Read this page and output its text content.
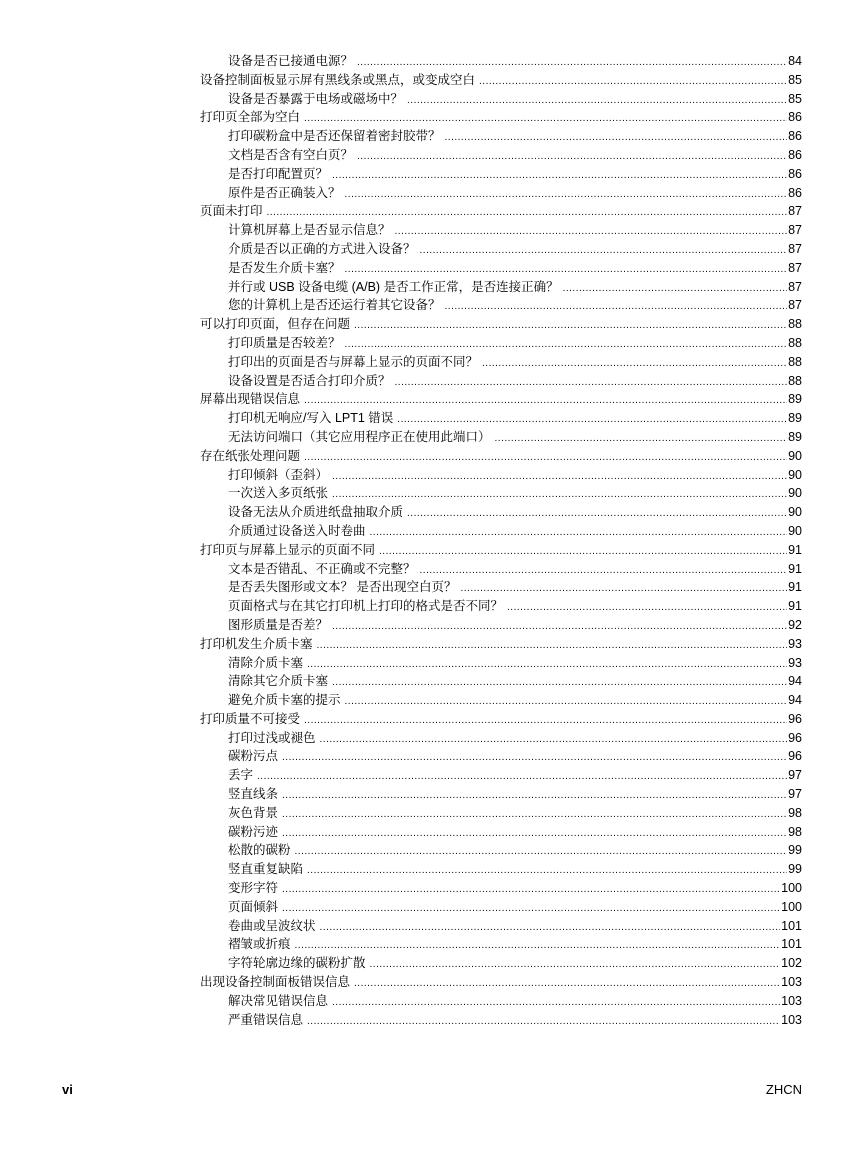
设备是否已接通电源？ .....	84
设备控制面板显示屏有黑线条或黑点，或变成空白 .....	85
设备是否暴露于电场或磁场中？ .....	85
打印页全部为空白 .....	86
打印碳粉盒中是否还保留着密封胶带？ .....	86
文档是否含有空白页？ .....	86
是否打印配置页？ .....	86
原件是否正确装入？ .....	86
页面未打印 .....	87
计算机屏幕上是否显示信息？ .....	87
介质是否以正确的方式进入设备？ .....	87
是否发生介质卡塞？ .....	87
并行或 USB 设备电缆 (A/B) 是否工作正常，是否连接正确？ .....	87
您的计算机上是否还运行着其它设备？ .....	87
可以打印页面，但存在问题 .....	88
打印质量是否较差？ .....	88
打印出的页面是否与屏幕上显示的页面不同？ .....	88
设备设置是否适合打印介质？ .....	88
屏幕出现错误信息 .....	89
打印机无响应/写入 LPT1 错误 .....	89
无法访问端口（其它应用程序正在使用此端口） .....	89
存在纸张处理问题 .....	90
打印倾斜（歪斜） .....	90
一次送入多页纸张 .....	90
设备无法从介质进纸盘抽取介质 .....	90
介质通过设备送入时卷曲 .....	90
打印页与屏幕上显示的页面不同 .....	91
文本是否错乱、不正确或不完整？ .....	91
是否丢失图形或文本？ 是否出现空白页？ .....	91
页面格式与在其它打印机上打印的格式是否不同？ .....	91
图形质量是否差？ .....	92
打印机发生介质卡塞 .....	93
清除介质卡塞 .....	93
清除其它介质卡塞 .....	94
避免介质卡塞的提示 .....	94
打印质量不可接受 .....	96
打印过浅或褪色 .....	96
碳粉污点 .....	96
丢字 .....	97
竖直线条 .....	97
灰色背景 .....	98
碳粉污迹 .....	98
松散的碳粉 .....	99
竖直重复缺陷 .....	99
变形字符 .....	100
页面倾斜 .....	100
卷曲或呈波纹状 .....	101
褶皱或折痕 .....	101
字符轮廓边缘的碳粉扩散 .....	102
出现设备控制面板错误信息 .....	103
解决常见错误信息 .....	103
严重错误信息 .....	103
vi	ZHCN
